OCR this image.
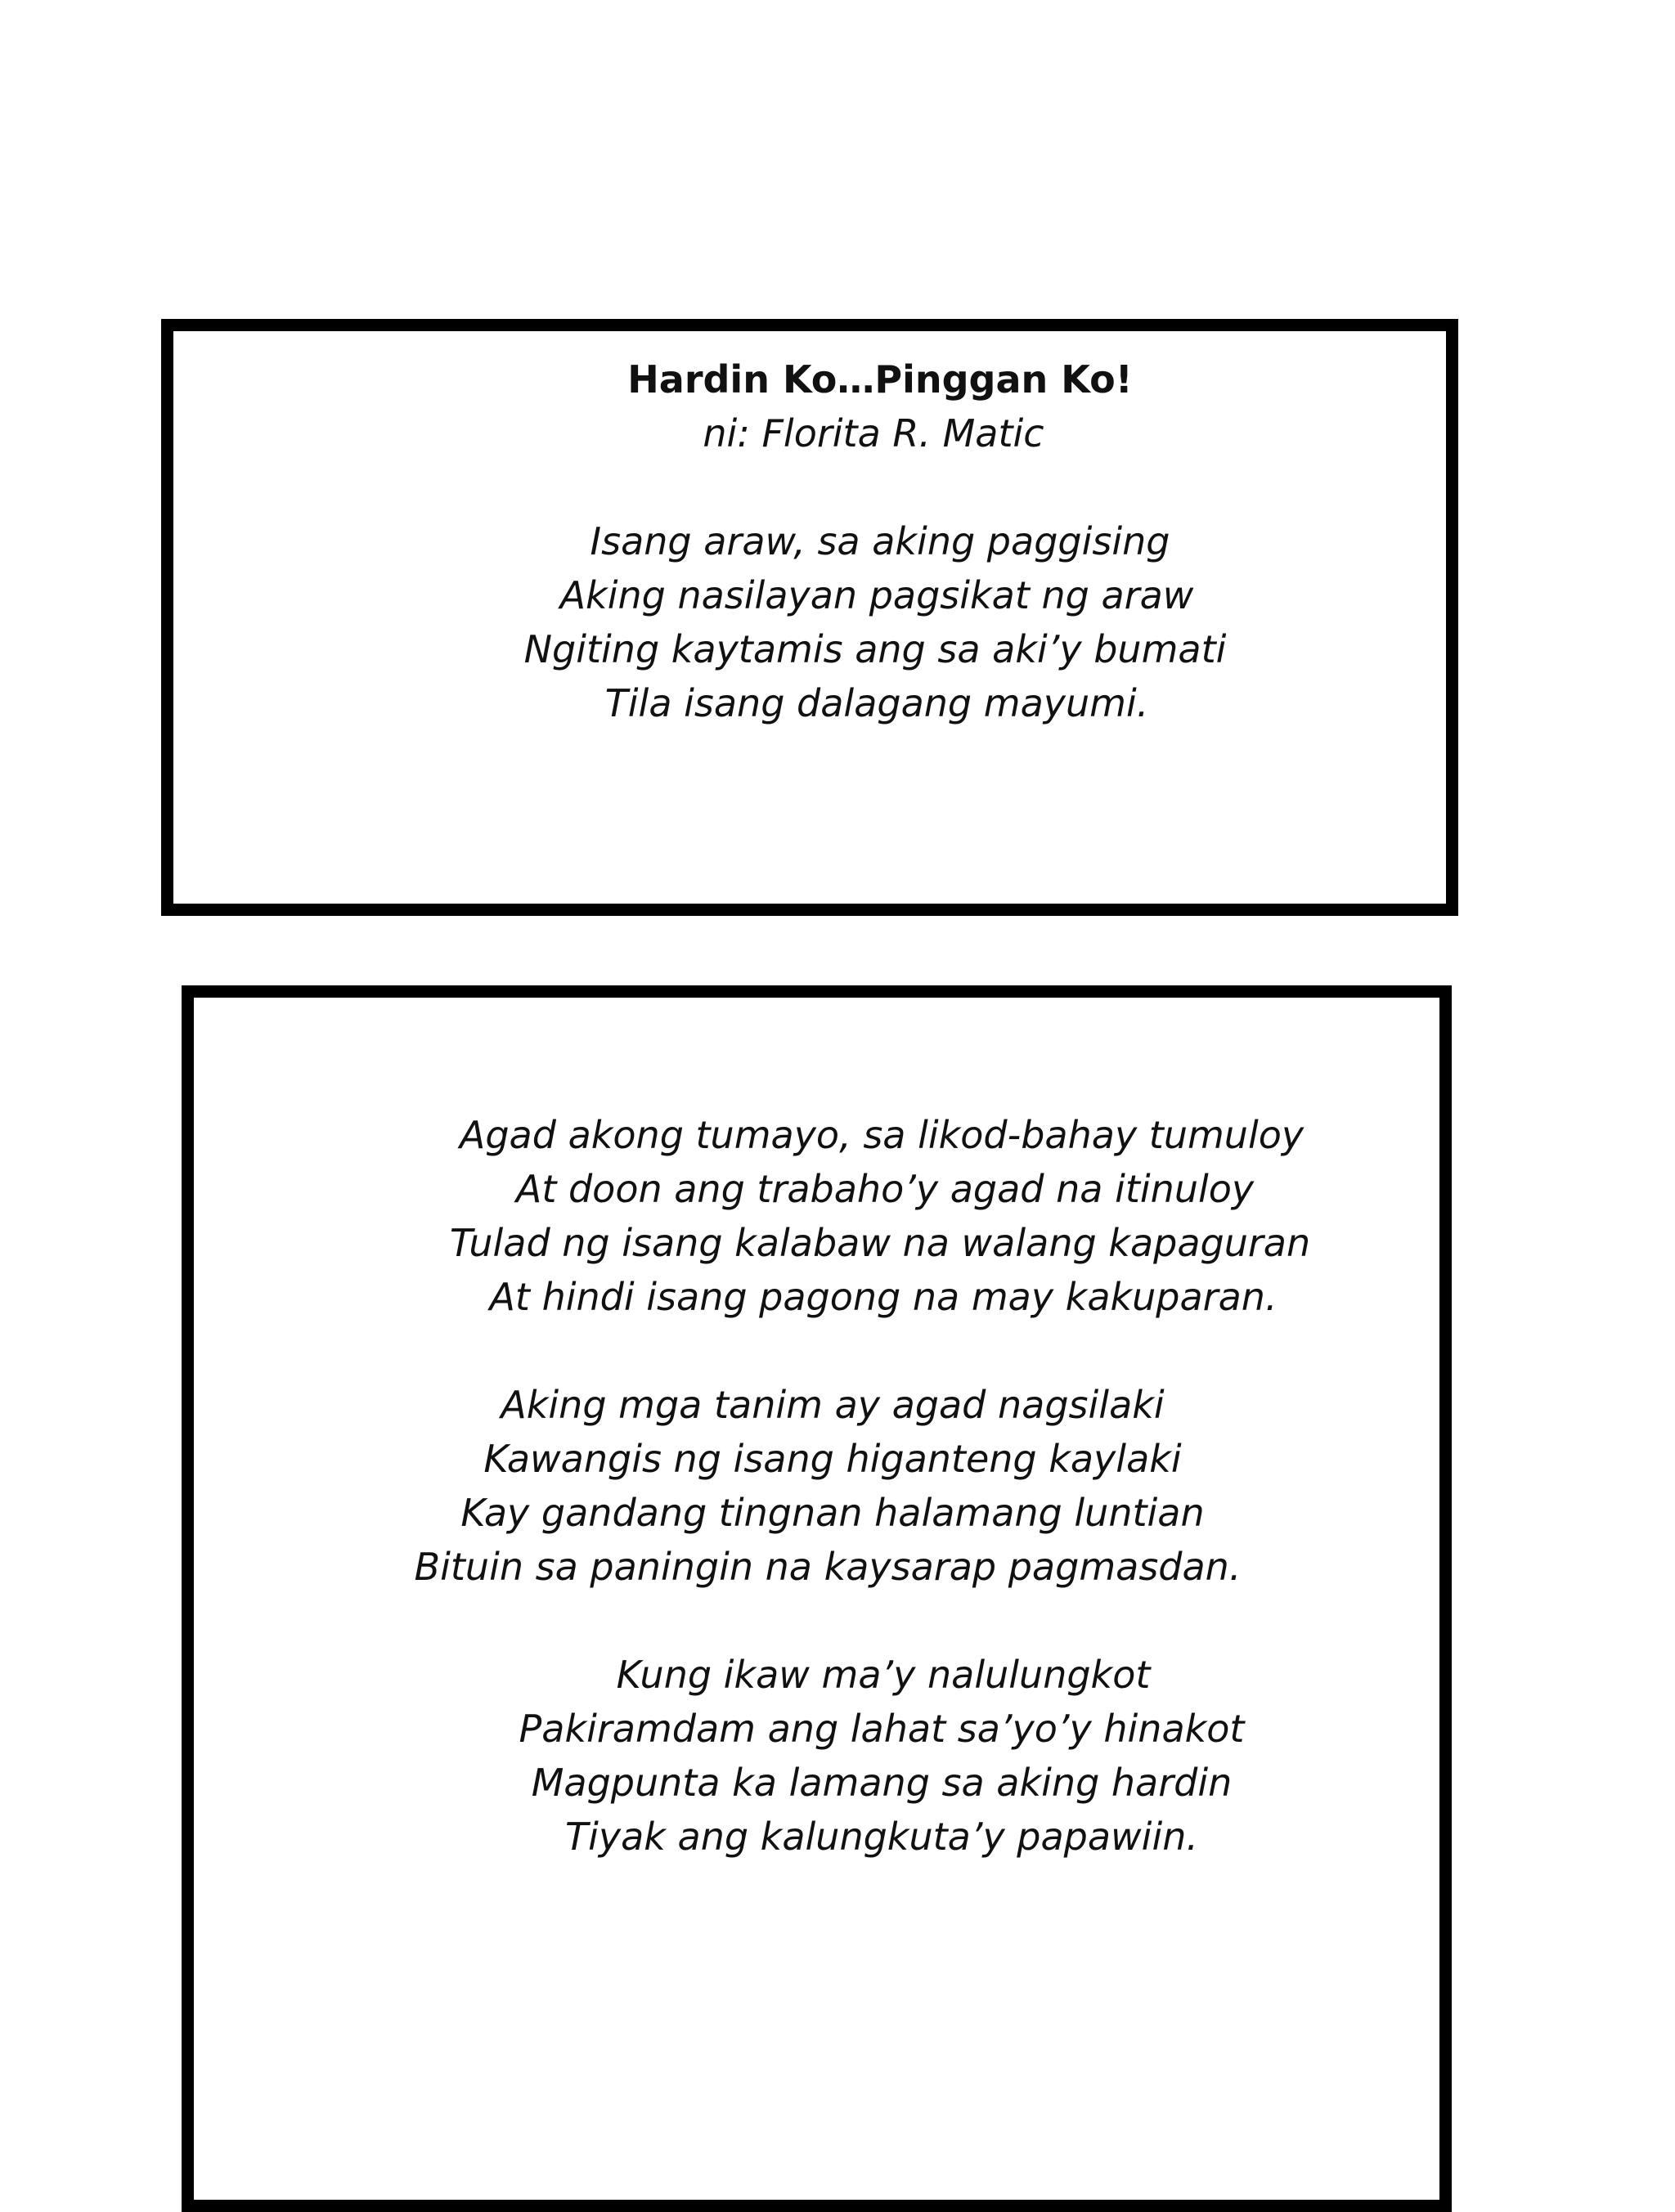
Hardin Ko…Pinggan Ko!
ni: Florita R. Matic
Isang araw, sa aking paggising
Aking nasilayan pagsikat ng araw
Ngiting kaytamis ang sa aki’y bumati
Tila isang dalagang mayumi.
Agad akong tumayo, sa likod-bahay tumuloy
At doon ang trabaho’y agad na itinuloy
Tulad ng isang kalabaw na walang kapaguran
At hindi isang pagong na may kakuparan.
Aking mga tanim ay agad nagsilaki
Kawangis ng isang higanteng kaylaki
Kay gandang tingnan halamang luntian
Bituin sa paningin na kaysarap pagmasdan.
Kung ikaw ma’y nalulungkot
Pakiramdam ang lahat sa’yo’y hinakot
Magpunta ka lamang sa aking hardin
Tiyak ang kalungkuta’y papawiin.
